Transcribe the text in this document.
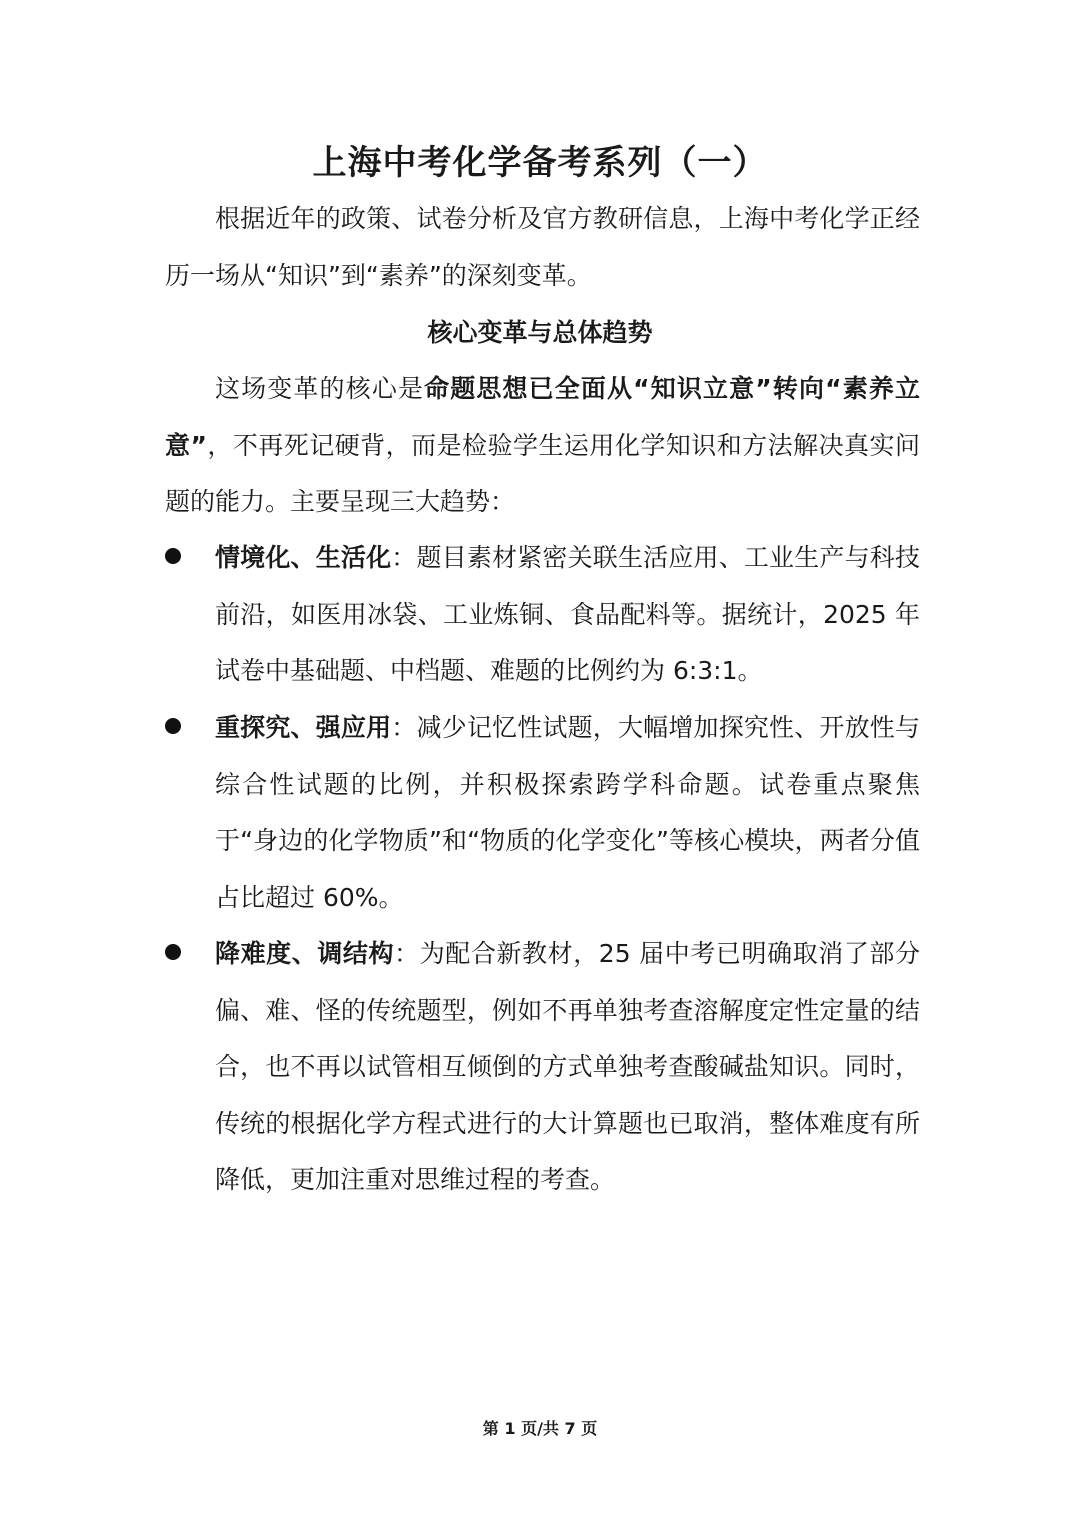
上海中考化学备考系列（一）
根据近年的政策、试卷分析及官方教研信息，上海中考化学正经历一场从“知识”到“素养”的深刻变革。
核心变革与总体趋势
这场变革的核心是命题思想已全面从“知识立意”转向“素养立意”，不再死记硬背，而是检验学生运用化学知识和方法解决真实问题的能力。主要呈现三大趋势：
情境化、生活化：题目素材紧密关联生活应用、工业生产与科技前沿，如医用冰袋、工业炼铜、食品配料等。据统计，2025 年试卷中基础题、中档题、难题的比例约为 6:3:1。
重探究、强应用：减少记忆性试题，大幅增加探究性、开放性与综合性试题的比例，并积极探索跨学科命题。试卷重点聚焦于“身边的化学物质”和“物质的化学变化”等核心模块，两者分值占比超过 60%。
降难度、调结构：为配合新教材，25 届中考已明确取消了部分偏、难、怪的传统题型，例如不再单独考查溶解度定性定量的结合，也不再以试管相互倾倒的方式单独考查酸碱盐知识。同时，传统的根据化学方程式进行的大计算题也已取消，整体难度有所降低，更加注重对思维过程的考查。
第 1 页/共 7 页
